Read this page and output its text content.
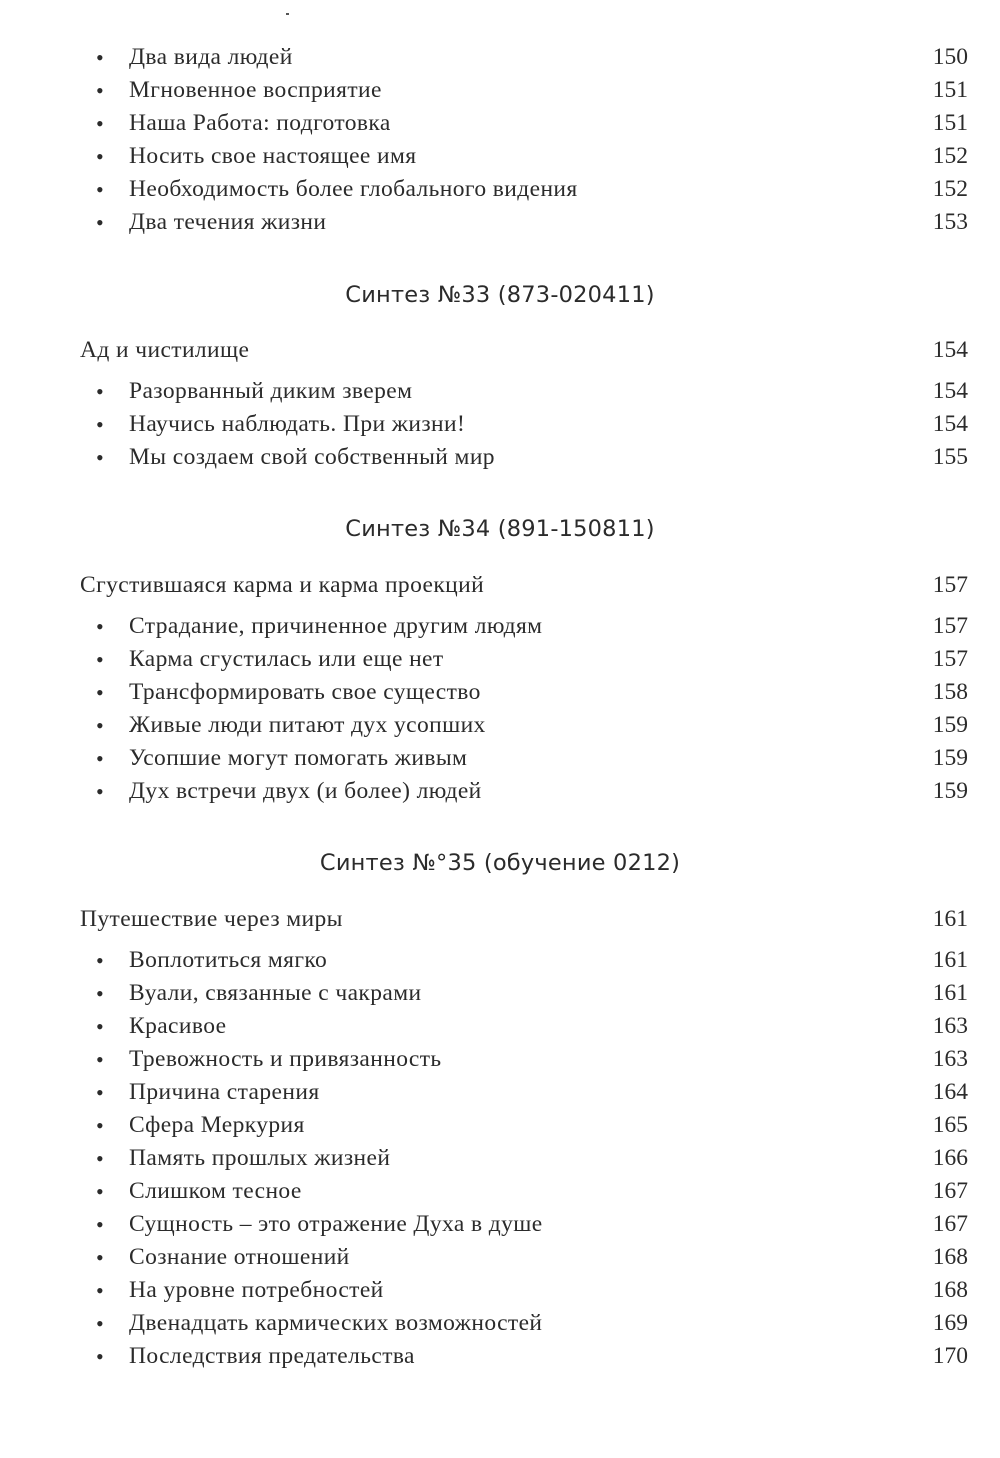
• Два вида людей	150
• Мгновенное восприятие	151
• Наша Работа: подготовка	151
• Носить свое настоящее имя	152
• Необходимость более глобального видения	152
• Два течения жизни	153
Синтез №33 (873-020411)
Ад и чистилище	154
• Разорванный диким зверем	154
• Научись наблюдать. При жизни!	154
• Мы создаем свой собственный мир	155
Синтез №34 (891-150811)
Сгустившаяся карма и карма проекций	157
• Страдание, причиненное другим людям	157
• Карма сгустилась или еще нет	157
• Трансформировать свое существо	158
• Живые люди питают дух усопших	159
• Усопшие могут помогать живым	159
• Дух встречи двух (и более) людей	159
Синтез №°35 (обучение 0212)
Путешествие через миры	161
• Воплотиться мягко	161
• Вуали, связанные с чакрами	161
• Красивое	163
• Тревожность и привязанность	163
• Причина старения	164
• Сфера Меркурия	165
• Память прошлых жизней	166
• Слишком тесное	167
• Сущность – это отражение Духа в душе	167
• Сознание отношений	168
• На уровне потребностей	168
• Двенадцать кармических возможностей	169
• Последствия предательства	170
